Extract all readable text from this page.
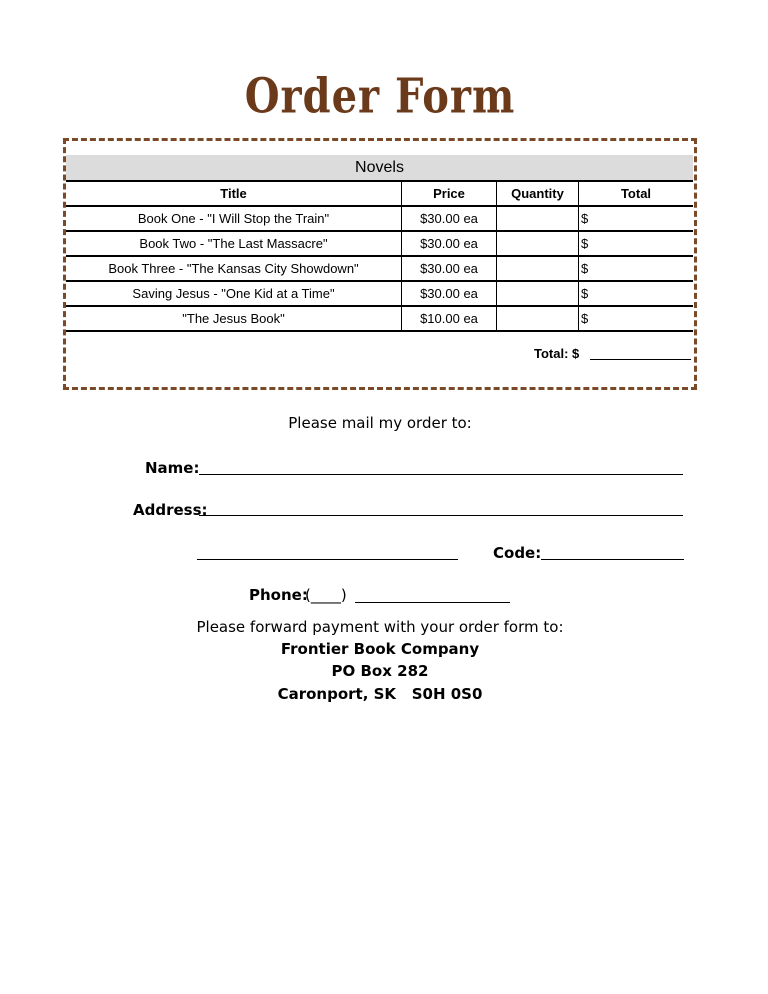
Order Form
Novels
Title	Price	Quantity	Total
Book One - "I Will Stop the Train"	$30.00 ea		$
Book Two - "The Last Massacre"	$30.00 ea		$
Book Three - "The Kansas City Showdown"	$30.00 ea		$
Saving Jesus - "One Kid at a Time"	$30.00 ea		$
"The Jesus Book"	$10.00 ea		$
Total: $
Please mail my order to:
Name:
Address:
Code:
Phone:
(____)
Please forward payment with your order form to:
Frontier Book Company
PO Box 282
Caronport, SK   S0H 0S0
